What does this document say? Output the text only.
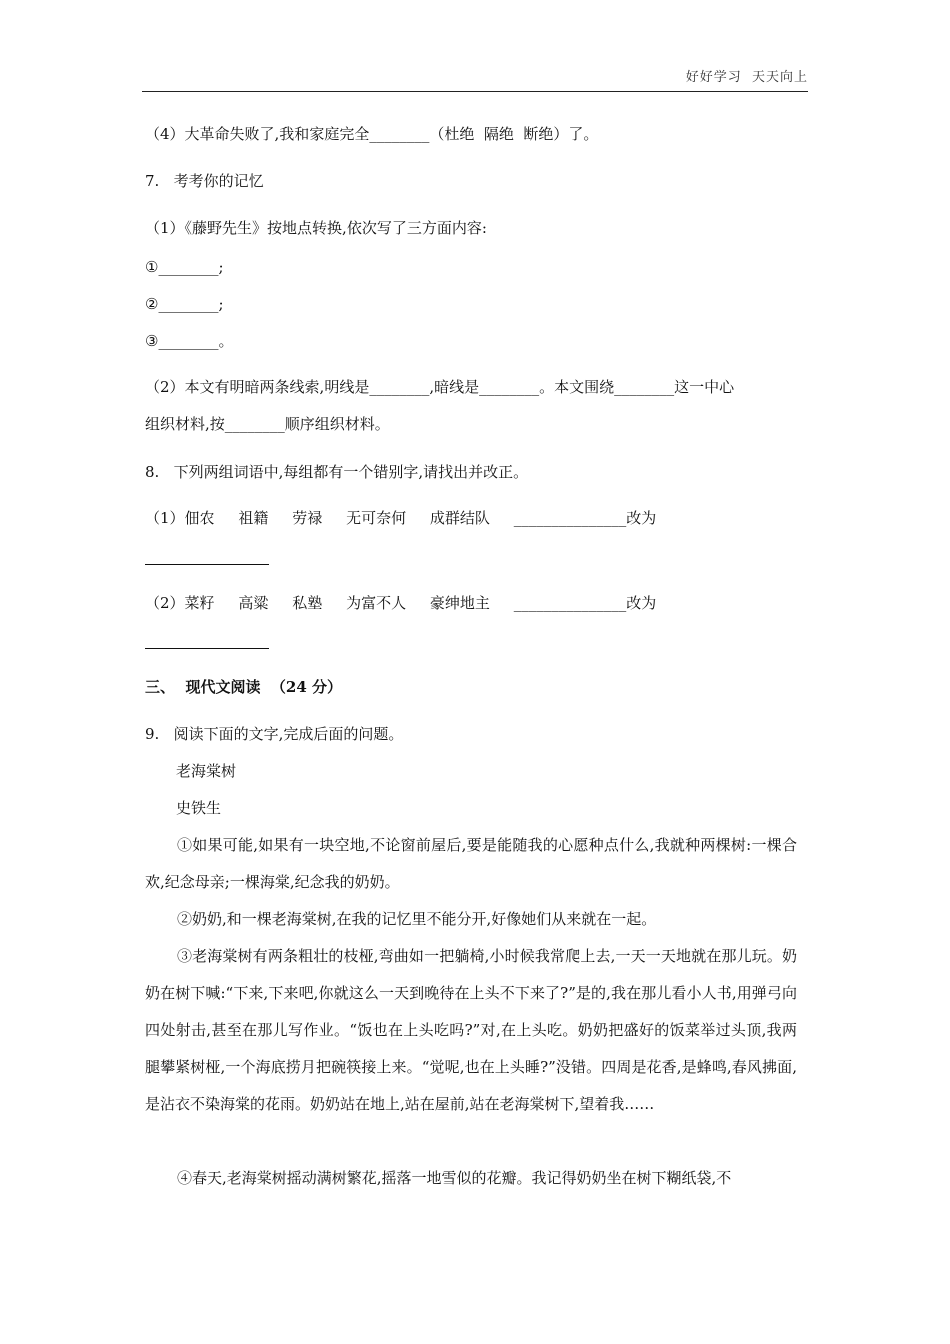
好好学习  天天向上
（4）大革命失败了,我和家庭完全________（杜绝  隔绝  断绝）了。
7.   考考你的记忆
（1）《藤野先生》按地点转换,依次写了三方面内容:
①________;
②________;
③________。
（2）本文有明暗两条线索,明线是________,暗线是________。本文围绕________这一中心
组织材料,按________顺序组织材料。
8.   下列两组词语中,每组都有一个错别字,请找出并改正。
（1）佃农     祖籍     劳禄     无可奈何     成群结队     _______________改为
（2）菜籽     高粱     私塾     为富不人     豪绅地主     _______________改为
三、  现代文阅读  （24 分）
9.   阅读下面的文字,完成后面的问题。
老海棠树
史铁生
①如果可能,如果有一块空地,不论窗前屋后,要是能随我的心愿种点什么,我就种两棵树:一棵合欢,纪念母亲;一棵海棠,纪念我的奶奶。
②奶奶,和一棵老海棠树,在我的记忆里不能分开,好像她们从来就在一起。
③老海棠树有两条粗壮的枝桠,弯曲如一把躺椅,小时候我常爬上去,一天一天地就在那儿玩。奶奶在树下喊:“下来,下来吧,你就这么一天到晚待在上头不下来了?”是的,我在那儿看小人书,用弹弓向四处射击,甚至在那儿写作业。“饭也在上头吃吗?”对,在上头吃。奶奶把盛好的饭菜举过头顶,我两腿攀紧树桠,一个海底捞月把碗筷接上来。“觉呢,也在上头睡?”没错。四周是花香,是蜂鸣,春风拂面,是沾衣不染海棠的花雨。奶奶站在地上,站在屋前,站在老海棠树下,望着我……
④春天,老海棠树摇动满树繁花,摇落一地雪似的花瓣。我记得奶奶坐在树下糊纸袋,不
